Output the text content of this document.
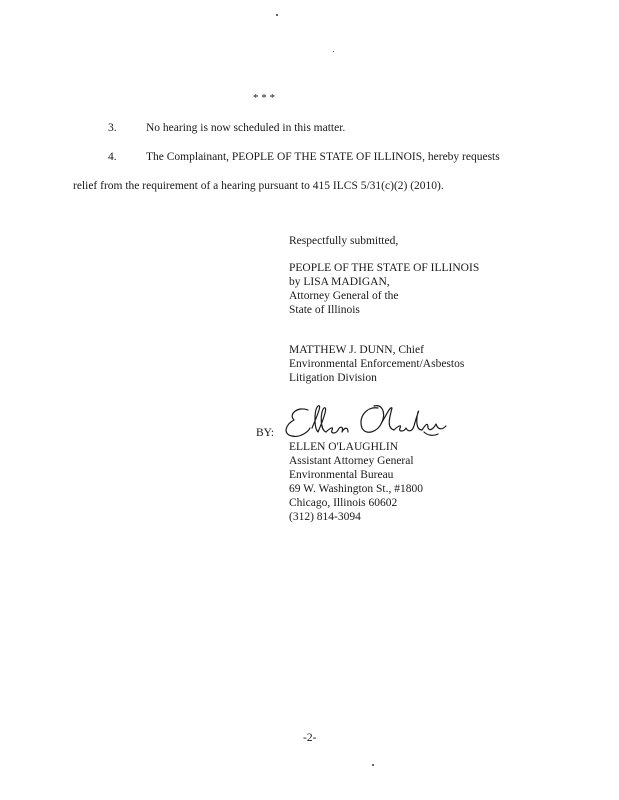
* * *
3.	No hearing is now scheduled in this matter.
4.	The Complainant, PEOPLE OF THE STATE OF ILLINOIS, hereby requests
relief from the requirement of a hearing pursuant to 415 ILCS 5/31(c)(2) (2010).
Respectfully submitted,
PEOPLE OF THE STATE OF ILLINOIS
by LISA MADIGAN,
Attorney General of the
State of Illinois
MATTHEW J. DUNN, Chief
Environmental Enforcement/Asbestos
Litigation Division
BY:
ELLEN O'LAUGHLIN
Assistant Attorney General
Environmental Bureau
69 W. Washington St., #1800
Chicago, Illinois 60602
(312) 814-3094
-2-
